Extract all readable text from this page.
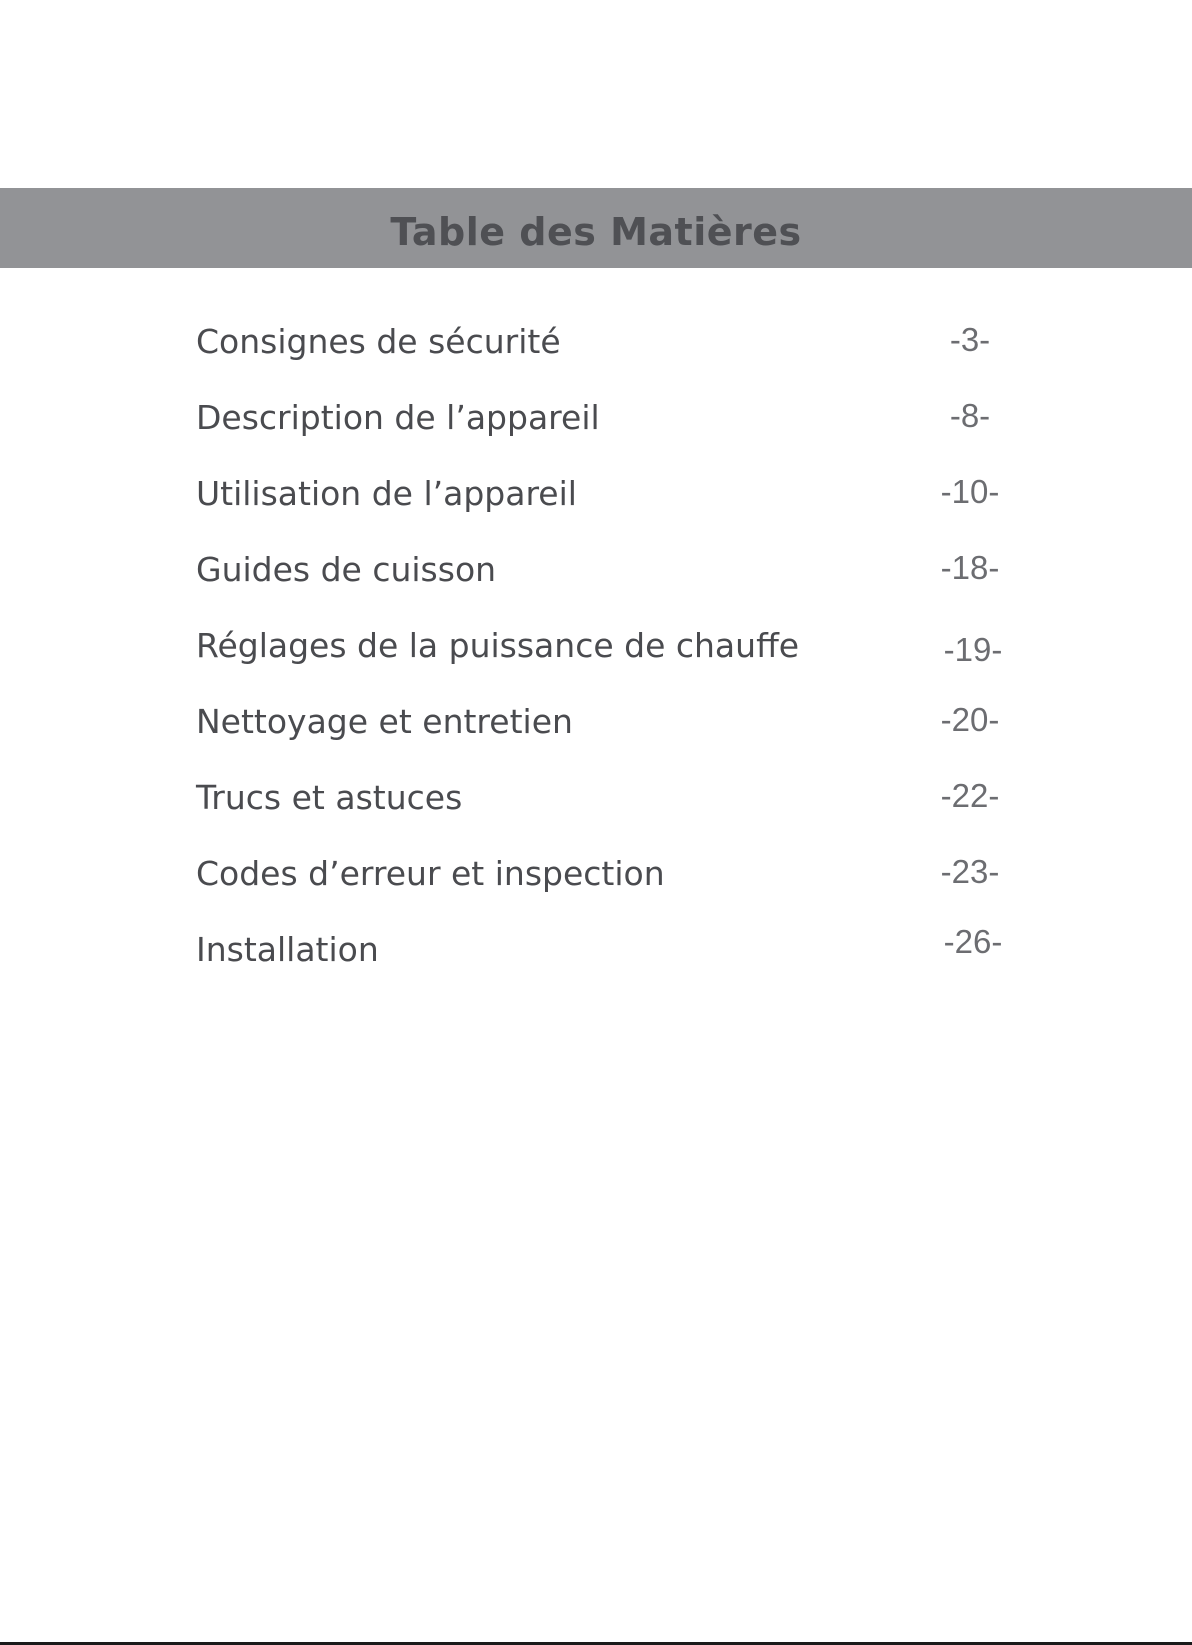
Table des Matières
Consignes de sécurité	-3-
Description de l’appareil	-8-
Utilisation de l’appareil	-10-
Guides de cuisson	-18-
Réglages de la puissance de chauffe	-19-
Nettoyage et entretien	-20-
Trucs et astuces	-22-
Codes d’erreur et inspection	-23-
Installation	-26-
